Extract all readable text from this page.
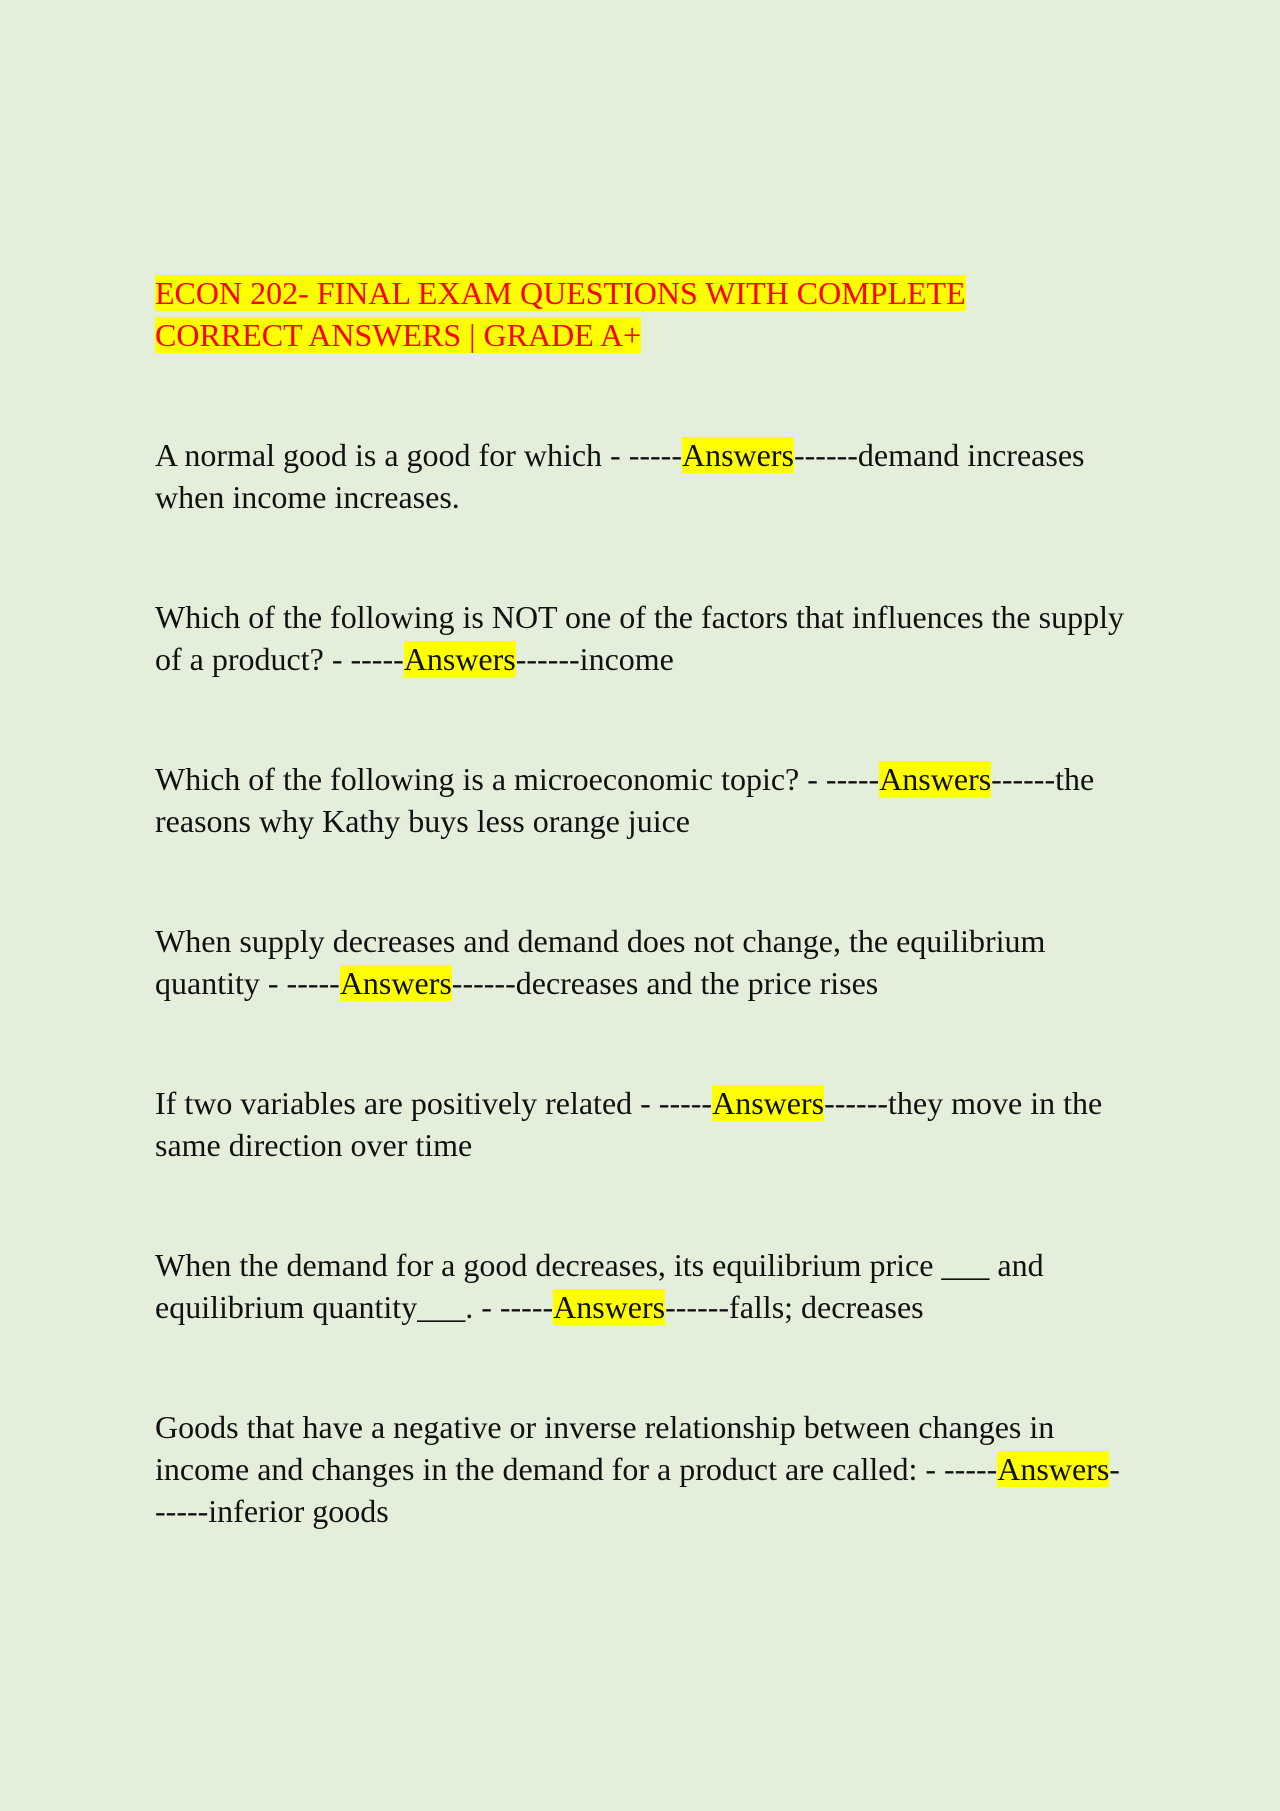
ECON 202- FINAL EXAM QUESTIONS WITH COMPLETE
CORRECT ANSWERS | GRADE A+
A normal good is a good for which - -----Answers------demand increases when income increases.
Which of the following is NOT one of the factors that influences the supply of a product? - -----Answers------income
Which of the following is a microeconomic topic? - -----Answers------the reasons why Kathy buys less orange juice
When supply decreases and demand does not change, the equilibrium quantity - -----Answers------decreases and the price rises
If two variables are positively related - -----Answers------they move in the same direction over time
When the demand for a good decreases, its equilibrium price ___ and equilibrium quantity___. - -----Answers------falls; decreases
Goods that have a negative or inverse relationship between changes in income and changes in the demand for a product are called: - -----Answers------inferior goods
